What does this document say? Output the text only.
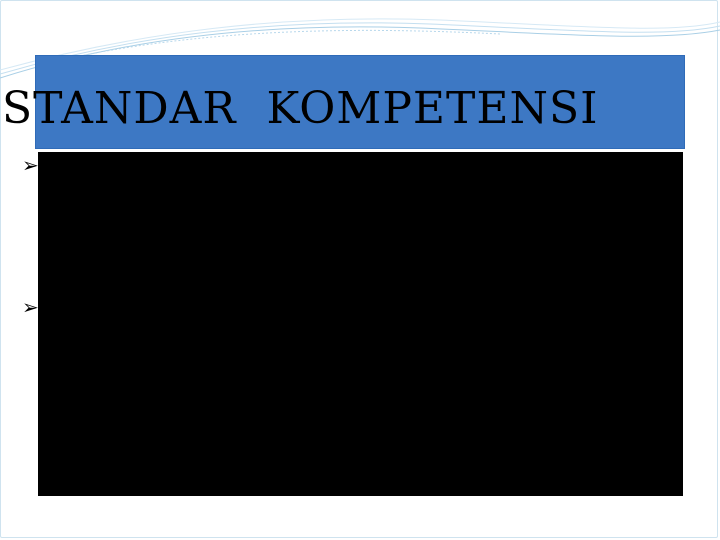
STANDAR  KOMPETENSI
➢	Memahami makna dalam teks fungsional
pendek dan  teks tulis monolog/esei
sederhana berbentuk recount, narrative dan
procedure dalam konteks kehidupan sehari-hari
dan mengakses ilmu  pengetahuan populer
➢	Mengungkapkan makna dan langkah-langkah
retorika secara akurat, lancar dan        berterima
dengan menggunakan ragam bahasa tulis
dalam konteks kehidupan             sehari-hari
dalam teks berbentuk: recount, narrative, dan
procedure
